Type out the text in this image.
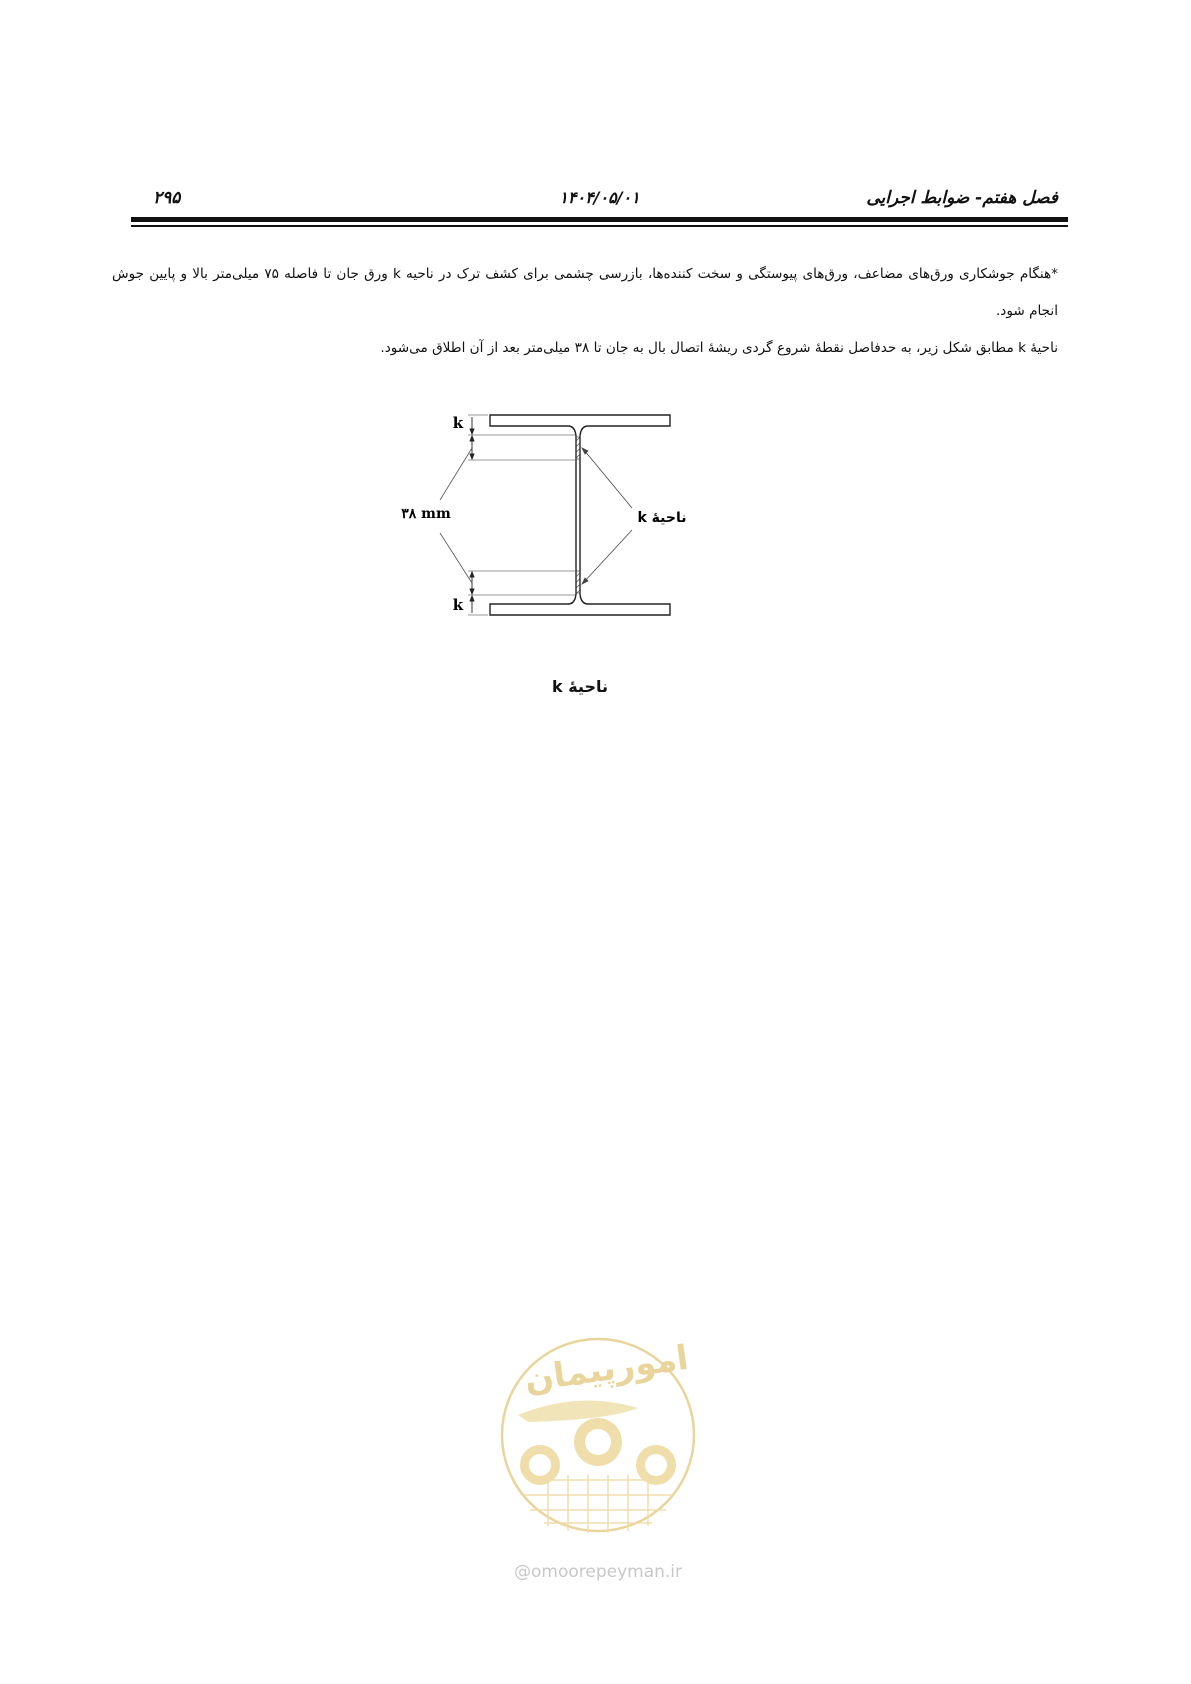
۲۹۵	۱۴۰۴/۰۵/۰۱	فصل هفتم- ضوابط اجرایی

*هنگام جوشکاری ورق‌های مضاعف، ورق‌های پیوستگی و سخت کننده‌ها، بازرسی چشمی برای کشف ترک در ناحیه k ورق جان تا فاصله ۷۵ میلی‌متر بالا و پایین جوش انجام شود.

ناحیهٔ k مطابق شکل زیر، به حدفاصل نقطهٔ شروع گردی ریشهٔ اتصال بال به جان تا ۳۸ میلی‌متر بعد از آن اطلاق می‌شود.

k
k
۳۸ mm	ناحیهٔ k
ناحیهٔ k
امورپیمان
@omoorepeyman.ir
